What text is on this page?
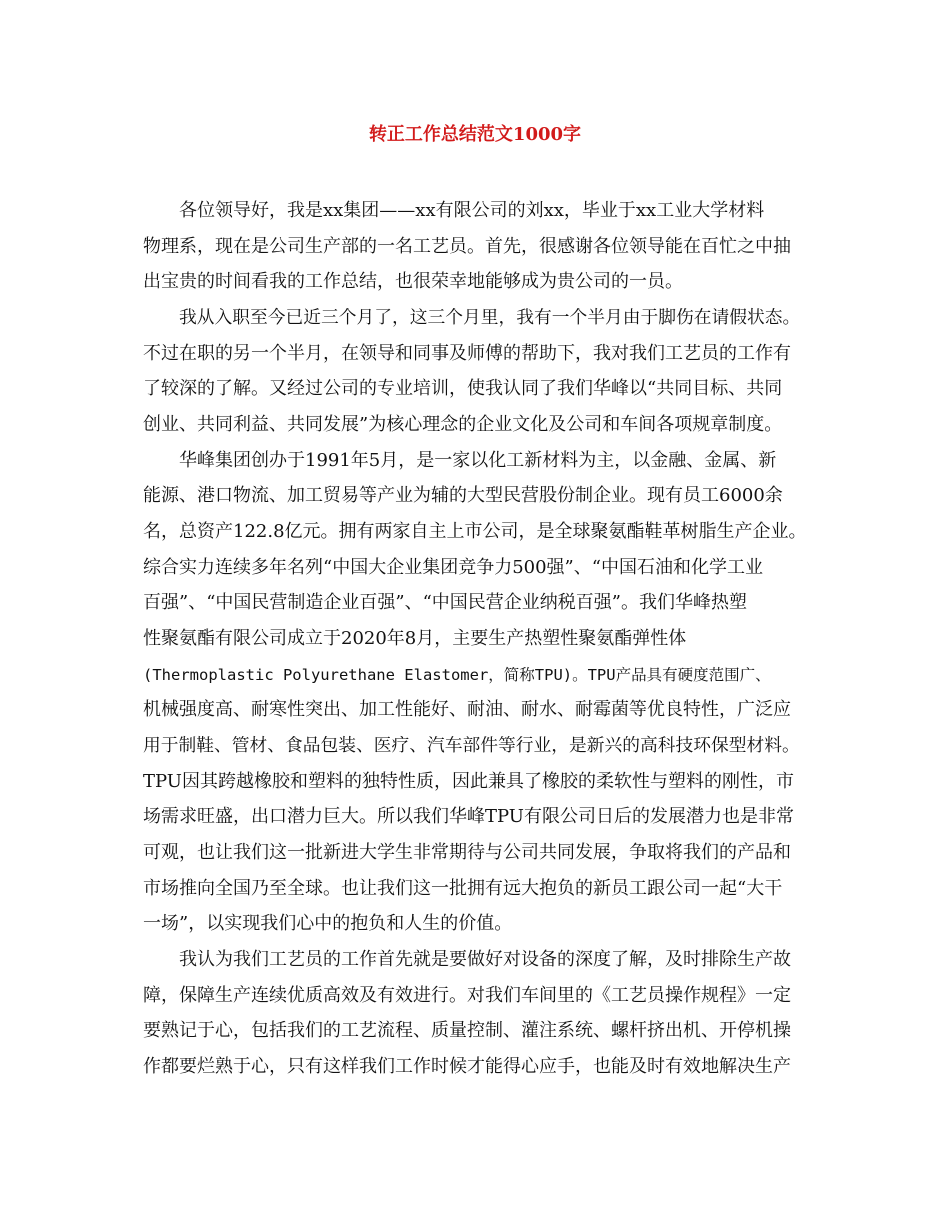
转正工作总结范文1000字

各位领导好，我是xx集团——xx有限公司的刘xx，毕业于xx工业大学材料

物理系，现在是公司生产部的一名工艺员。首先，很感谢各位领导能在百忙之中抽

出宝贵的时间看我的工作总结，也很荣幸地能够成为贵公司的一员。

我从入职至今已近三个月了，这三个月里，我有一个半月由于脚伤在请假状态。

不过在职的另一个半月，在领导和同事及师傅的帮助下，我对我们工艺员的工作有

了较深的了解。又经过公司的专业培训，使我认同了我们华峰以“共同目标、共同

创业、共同利益、共同发展”为核心理念的企业文化及公司和车间各项规章制度。

华峰集团创办于1991年5月，是一家以化工新材料为主，以金融、金属、新

能源、港口物流、加工贸易等产业为辅的大型民营股份制企业。现有员工6000余

名，总资产122.8亿元。拥有两家自主上市公司，是全球聚氨酯鞋革树脂生产企业。

综合实力连续多年名列“中国大企业集团竞争力500强”、“中国石油和化学工业

百强”、“中国民营制造企业百强”、“中国民营企业纳税百强”。我们华峰热塑

性聚氨酯有限公司成立于2020年8月，主要生产热塑性聚氨酯弹性体

(Thermoplastic Polyurethane Elastomer，简称TPU)。TPU产品具有硬度范围广、

机械强度高、耐寒性突出、加工性能好、耐油、耐水、耐霉菌等优良特性，广泛应

用于制鞋、管材、食品包装、医疗、汽车部件等行业，是新兴的高科技环保型材料。

TPU因其跨越橡胶和塑料的独特性质，因此兼具了橡胶的柔软性与塑料的刚性，市

场需求旺盛，出口潜力巨大。所以我们华峰TPU有限公司日后的发展潜力也是非常

可观，也让我们这一批新进大学生非常期待与公司共同发展，争取将我们的产品和

市场推向全国乃至全球。也让我们这一批拥有远大抱负的新员工跟公司一起“大干

一场”，以实现我们心中的抱负和人生的价值。

我认为我们工艺员的工作首先就是要做好对设备的深度了解，及时排除生产故

障，保障生产连续优质高效及有效进行。对我们车间里的《工艺员操作规程》一定

要熟记于心，包括我们的工艺流程、质量控制、灌注系统、螺杆挤出机、开停机操

作都要烂熟于心，只有这样我们工作时候才能得心应手，也能及时有效地解决生产
